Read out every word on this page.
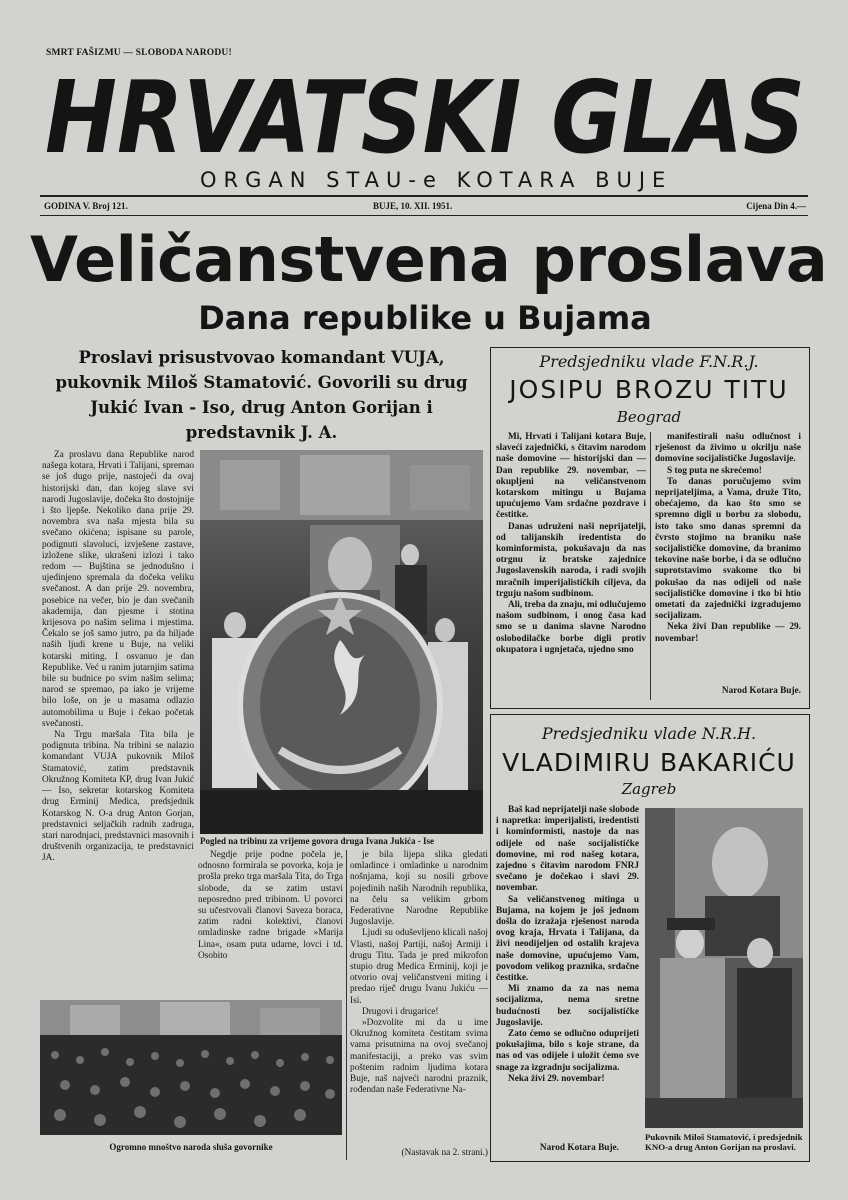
SMRT FAŠIZMU — SLOBODA NARODU!
HRVATSKI GLAS
ORGAN STAU-e KOTARA BUJE
GODINA V. Broj 121.	BUJE, 10. XII. 1951.	Cijena Din 4.—
Veličanstvena proslava
Dana republike u Bujama
Proslavi prisustvovao komandant VUJA, pukovnik Miloš Stamatović. Govorili su drug Jukić Ivan - Iso, drug Anton Gorijan i predstavnik J. A.

Za proslavu dana Republike narod našega kotara, Hrvati i Talijani, spremao se još dugo prije, nastojeći da ovaj historijski dan, dan kojeg slave svi narodi Jugoslavije, dočeka što dostojnije i što ljepše. Nekoliko dana prije 29. novembra sva naša mjesta bila su svečano okićena; ispisane su parole, podignuti slavoluci, izvješene zastave, izložene slike, ukrašeni izlozi i tako redom — Bujština se jednodušno i ujedinjeno spremala da dočeka veliku svečanost. A dan prije 29. novembra, posebice na večer, bio je dan svečanih akademija, dan pjesme i stotina krijesova po našim selima i mjestima. Čekalo se još samo jutro, pa da hiljade naših ljudi krene u Buje, na veliki kotarski miting. I osvanuo je dan Republike. Već u ranim jutarnjim satima bile su budnice po svim našim selima; narod se spremao, pa iako je vrijeme bilo loše, on je u masama odlazio automobilima u Buje i čekao početak svečanosti.

Na Trgu maršala Tita bila je podignuta tribina. Na tribini se nalazio komandant VUJA pukovnik Miloš Stamatović, zatim predstavnik Okružnog Komiteta KP, drug Ivan Jukić — Iso, sekretar kotarskog Komiteta drug Erminij Medica, predsjednik Kotarskog N. O-a drug Anton Gorjan, predstavnici seljačkih radnih zadruga, stari narodnjaci, predstavnici masovnih i društvenih organizacija, te predstavnici JA.

Pogled na tribinu za vrijeme govora druga Ivana Jukića - Ise

Negdje prije podne počela je, odnosno formirala se povorka, koja je prošla preko trga maršala Tita, do Trga slobode, da se zatim ustavi neposredno pred tribinom. U povorci su učestvovali članovi Saveza boraca, zatim radni kolektivi, članovi omladinske radne brigade »Marija Lina«, osam puta udarne, lovci i td. Osobito

je bila lijepa slika gledati omladince i omladinke u narodnim nošnjama, koji su nosili grbove pojedinih naših Narodnih republika, na čelu sa velikim grbom Federativne Narodne Republike Jugoslavije.

Ljudi su oduševljeno klicali našoj Vlasti, našoj Partiji, našoj Armiji i drugu Titu. Tada je pred mikrofon stupio drug Medica Erminij, koji je otvorio ovaj veličanstveni miting i predao riječ drugu Ivanu Jukiću — Isi.

Drugovi i drugarice!

»Dozvolite mi da u ime Okružnog komiteta čestitam svima vama prisutnima na ovoj svečanoj manifestaciji, a preko vas svim poštenim radnim ljudima kotara Buje, naš najveći narodni praznik, rođendan naše Federativne Na-

(Nastavak na 2. strani.)
Ogromno mnoštvo naroda sluša govornike
Predsjedniku vlade F.N.R.J.
JOSIPU BROZU TITU
Beograd

Mi, Hrvati i Talijani kotara Buje, slaveći zajednički, s čitavim narodom naše domovine — historijski dan — Dan republike 29. novembar, — okupljeni na veličanstvenom kotarskom mitingu u Bujama upućujemo Vam srdačne pozdrave i čestitke.

Danas udruženi naši neprijatelji, od talijanskih iredentista do kominformista, pokušavaju da nas otrgnu iz bratske zajednice Jugoslavenskih naroda, i radi svojih mračnih imperijalističkih ciljeva, da trguju našom sudbinom.

Ali, treba da znaju, mi odlučujemo našom sudbinom, i onog časa kad smo se u danima slavne Narodno oslobodilačke borbe digli protiv okupatora i ugnjetača, ujedno smo

manifestirali našu odlučnost i rješenost da živimo u okrilju naše domovine socijalističke Jugoslavije.

S tog puta ne skrećemo!

To danas poručujemo svim neprijateljima, a Vama, druže Tito, obećajemo, da kao što smo se spremno digli u borbu za slobodu, isto tako smo danas spremni da čvrsto stojimo na braniku naše socijalističke domovine, da branimo tekovine naše borbe, i da se odlučno suprotstavimo svakome tko bi pokušao da nas odijeli od naše socijalističke domovine i tko bi htio ometati da zajednički izgradujemo socijalizam.

Neka živi Dan republike — 29. novembar!

Narod Kotara Buje.
Predsjedniku vlade N.R.H.
VLADIMIRU BAKARIĆU
Zagreb

Baš kad neprijatelji naše slobode i napretka: imperijalisti, iredentisti i kominformisti, nastoje da nas odijele od naše socijalističke domovine, mi rod našeg kotara, zajedno s čitavim narodom FNRJ svečano je dočekao i slavi 29. novembar.

Sa veličanstvenog mitinga u Bujama, na kojem je još jednom došla do izražaja rješenost naroda ovog kraja, Hrvata i Talijana, da živi neodijeljen od ostalih krajeva naše domovine, upućujemo Vam, povodom velikog praznika, srdačne čestitke.

Mi znamo da za nas nema socijalizma, nema sretne budućnosti bez socijalističke Jugoslavije.

Zato ćemo se odlučno oduprijeti pokušajima, bilo s koje strane, da nas od vas odijele i uložit ćemo sve snage za izgradnju socijalizma.

Neka živi 29. novembar!

Narod Kotara Buje.
Pukovnik Miloš Stamatović, i predsjednik KNO-a drug Anton Gorijan na proslavi.
